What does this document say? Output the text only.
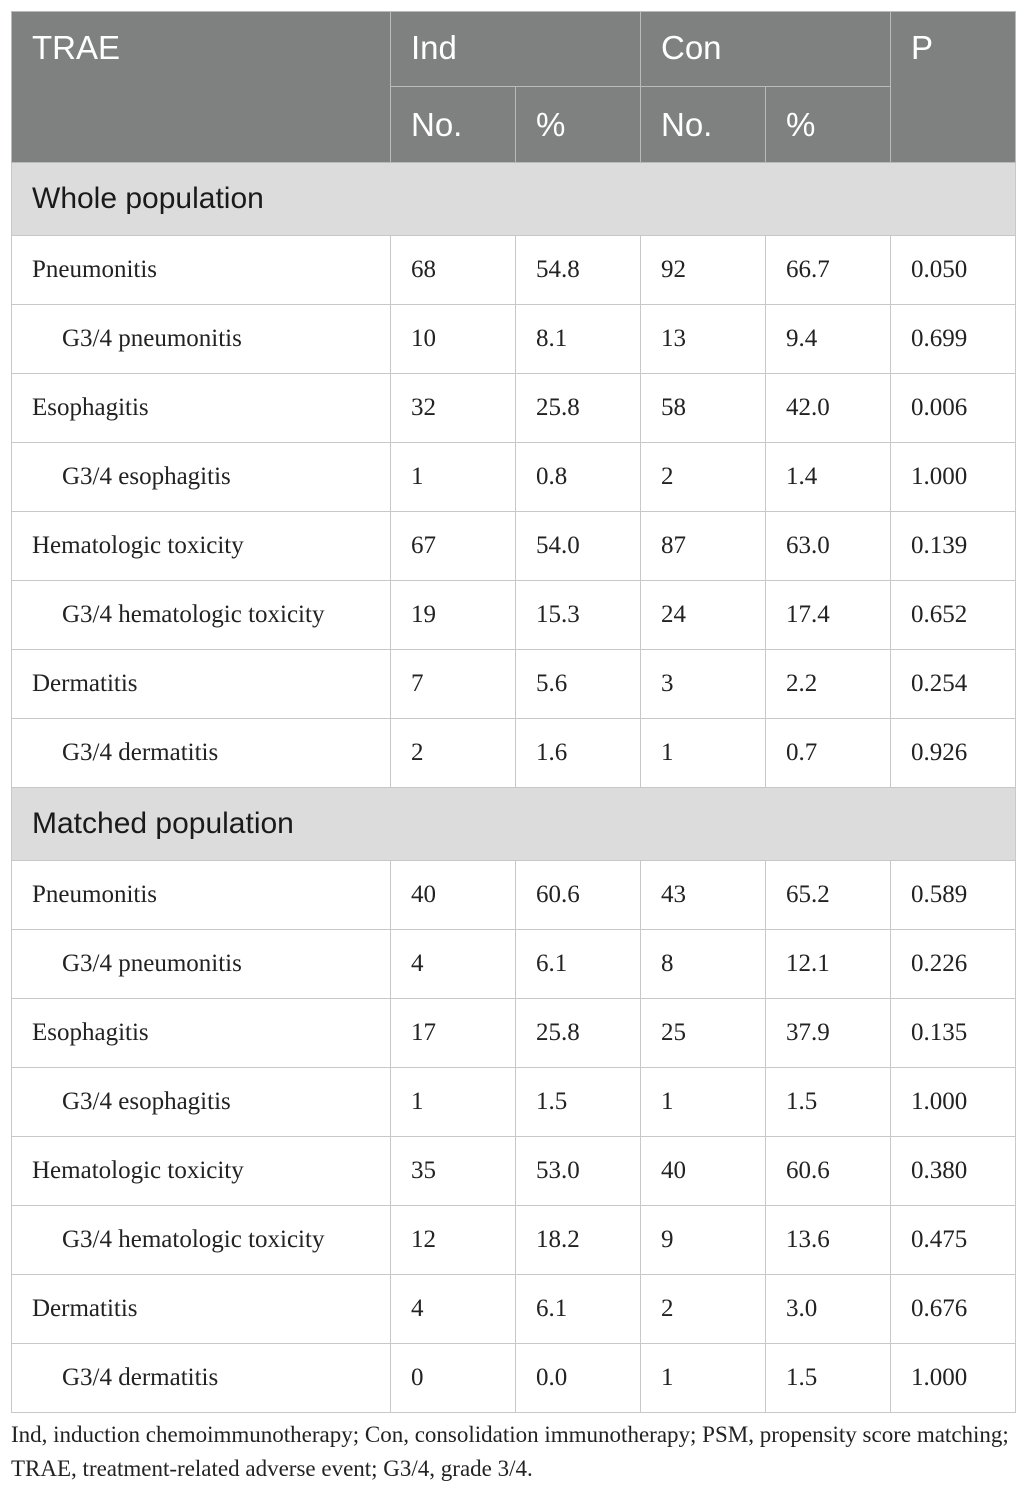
TRAE	Ind		Con		P
	No.	%	No.	%	
Whole population					
Pneumonitis	68	54.8	92	66.7	0.050
G3/4 pneumonitis	10	8.1	13	9.4	0.699
Esophagitis	32	25.8	58	42.0	0.006
G3/4 esophagitis	1	0.8	2	1.4	1.000
Hematologic toxicity	67	54.0	87	63.0	0.139
G3/4 hematologic toxicity	19	15.3	24	17.4	0.652
Dermatitis	7	5.6	3	2.2	0.254
G3/4 dermatitis	2	1.6	1	0.7	0.926
Matched population					
Pneumonitis	40	60.6	43	65.2	0.589
G3/4 pneumonitis	4	6.1	8	12.1	0.226
Esophagitis	17	25.8	25	37.9	0.135
G3/4 esophagitis	1	1.5	1	1.5	1.000
Hematologic toxicity	35	53.0	40	60.6	0.380
G3/4 hematologic toxicity	12	18.2	9	13.6	0.475
Dermatitis	4	6.1	2	3.0	0.676
G3/4 dermatitis	0	0.0	1	1.5	1.000
Ind, induction chemoimmunotherapy; Con, consolidation immunotherapy; PSM, propensity score matching; TRAE, treatment-related adverse event; G3/4, grade 3/4.
